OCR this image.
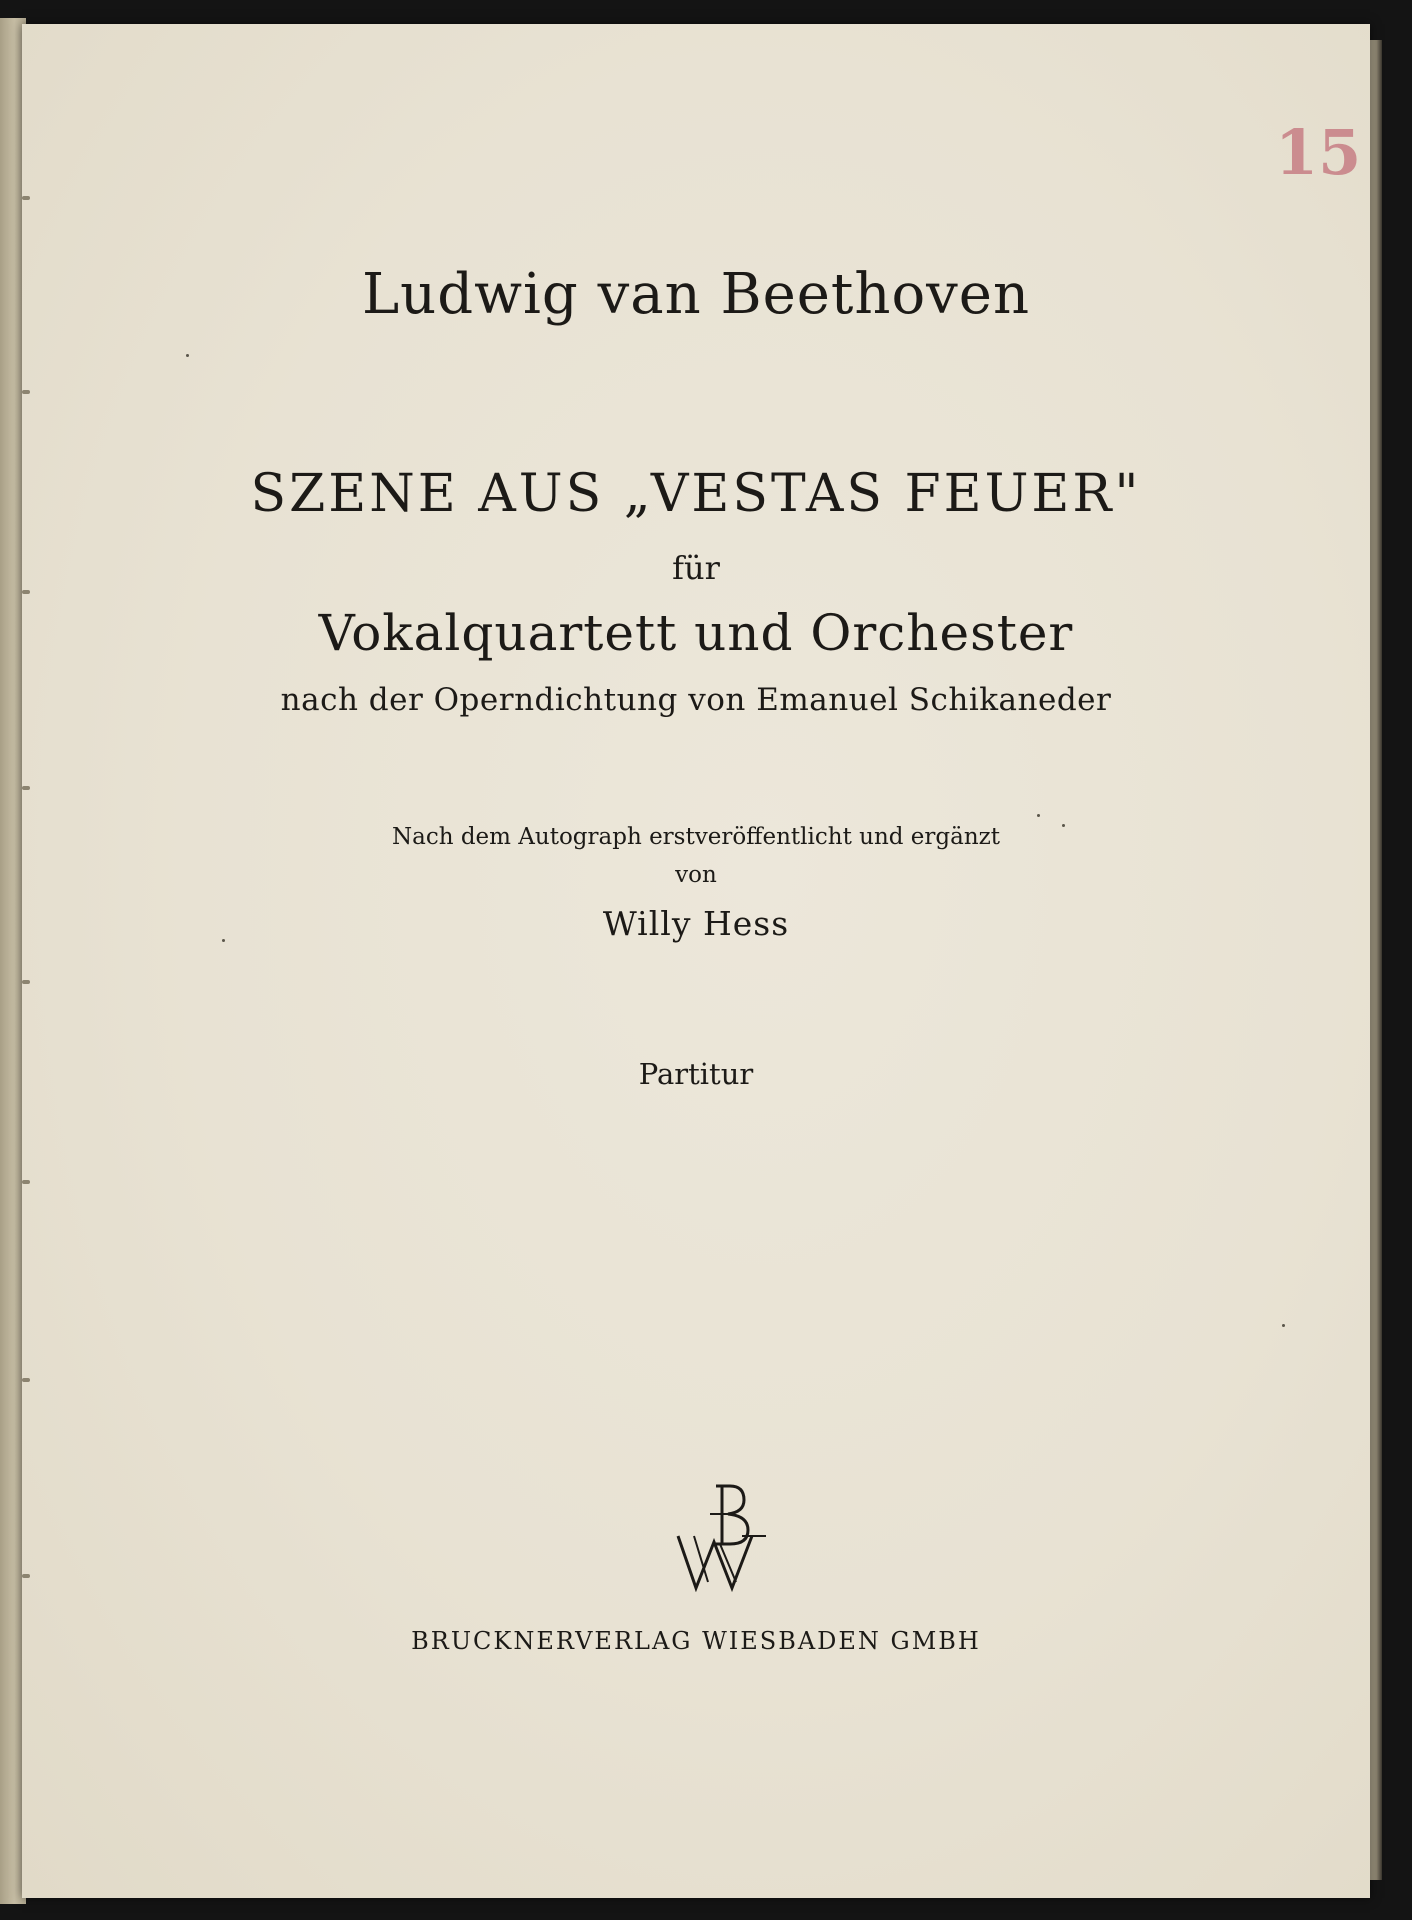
15
Ludwig van Beethoven
SZENE AUS „VESTAS FEUER"
für
Vokalquartett und Orchester
nach der Operndichtung von Emanuel Schikaneder
Nach dem Autograph erstveröffentlicht und ergänzt
von
Willy Hess
Partitur
BRUCKNERVERLAG WIESBADEN GMBH
